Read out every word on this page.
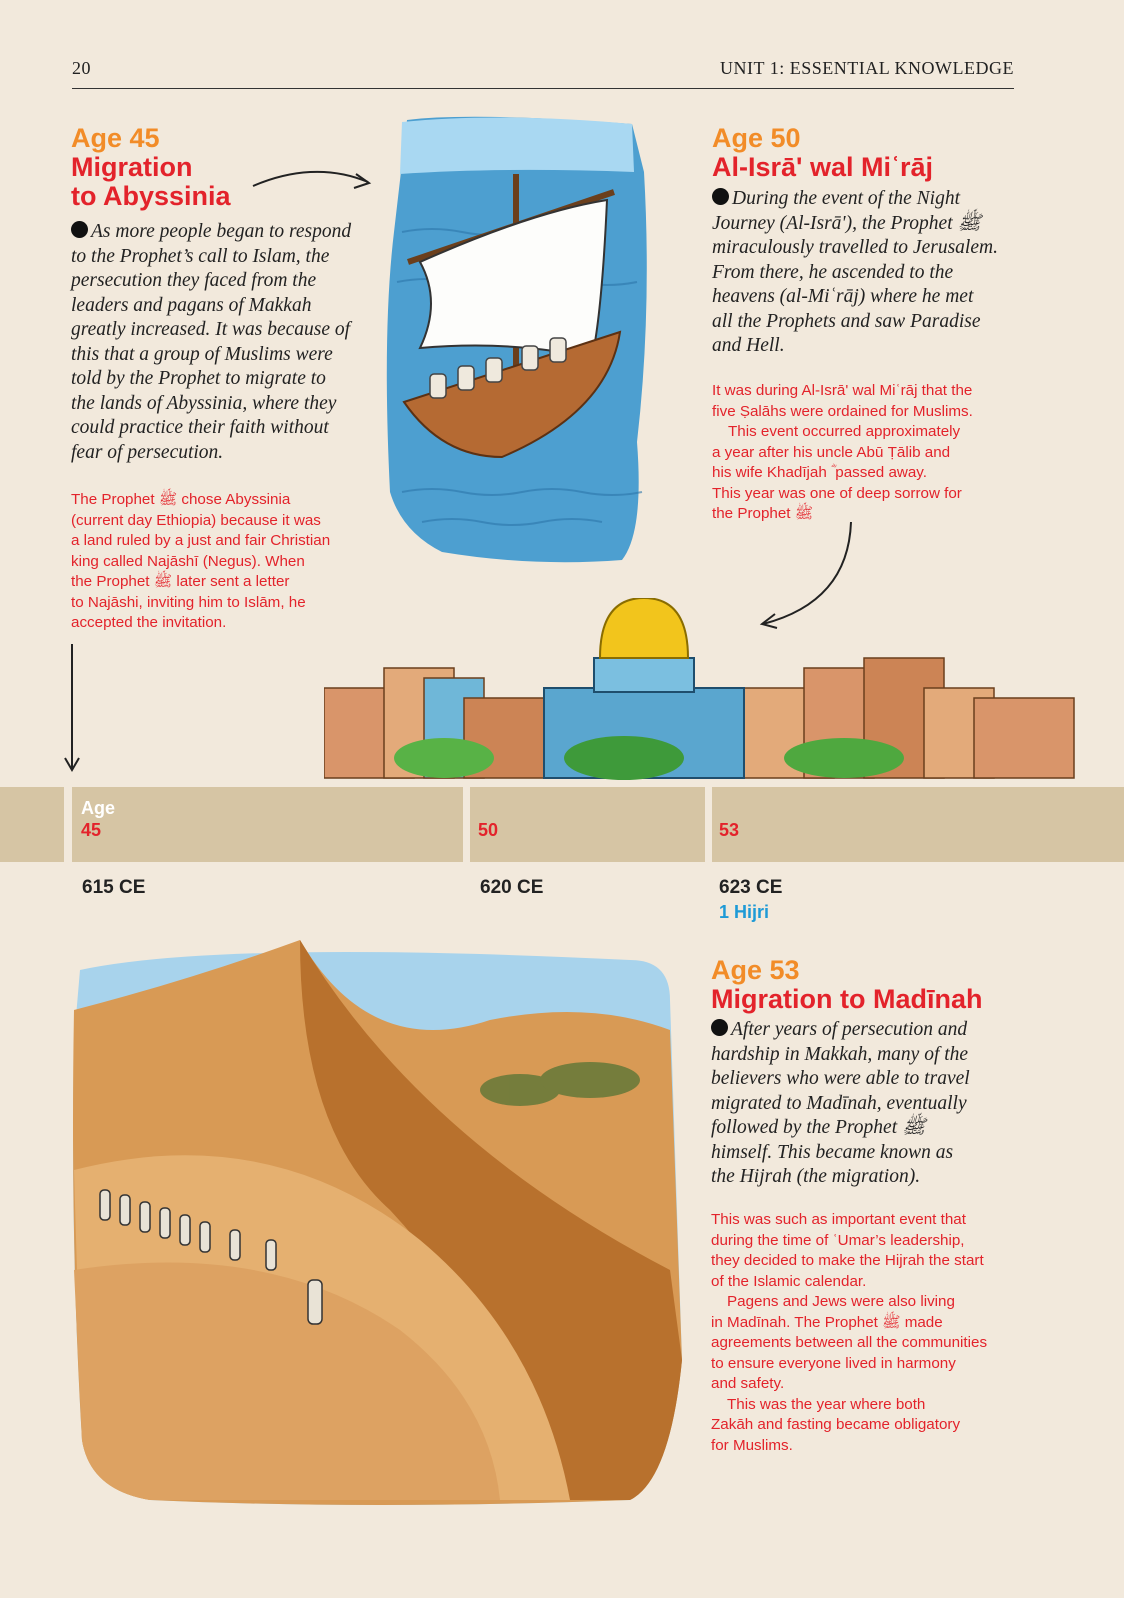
20	UNIT 1: ESSENTIAL KNOWLEDGE
Age 45
Migration
to Abyssinia

As more people began to respond
to the Prophet’s call to Islam, the
persecution they faced from the
leaders and pagans of Makkah
greatly increased. It was because of
this that a group of Muslims were
told by the Prophet to migrate to
the lands of Abyssinia, where they
could practice their faith without
fear of persecution.

The Prophet ﷺ chose Abyssinia
(current day Ethiopia) because it was
a land ruled by a just and fair Christian
king called Najāshī (Negus). When
the Prophet ﷺ later sent a letter
to Najāshi, inviting him to Islām, he
accepted the invitation.

Age 50
Al-Isrā' wal Miʿrāj

During the event of the Night
Journey (Al-Isrā'), the Prophet ﷺ
miraculously travelled to Jerusalem.
From there, he ascended to the
heavens (al-Miʿrāj) where he met
all the Prophets and saw Paradise
and Hell.

It was during Al-Isrā' wal Miʿrāj that the
five Ṣalāhs were ordained for Muslims.

This event occurred approximately
a year after his uncle Abū Ṭālib and
his wife Khadījah ؓ passed away.
This year was one of deep sorrow for
the Prophet ﷺ

Age
45	50	53
615 CE	620 CE	623 CE
1 Hijri
Age 53
Migration to Madīnah

After years of persecution and
hardship in Makkah, many of the
believers who were able to travel
migrated to Madīnah, eventually
followed by the Prophet ﷺ
himself. This became known as
the Hijrah (the migration).

This was such as important event that
during the time of ʿUmar’s leadership,
they decided to make the Hijrah the start
of the Islamic calendar.

Pagens and Jews were also living
in Madīnah. The Prophet ﷺ made
agreements between all the communities
to ensure everyone lived in harmony
and safety.

This was the year where both
Zakāh and fasting became obligatory
for Muslims.
